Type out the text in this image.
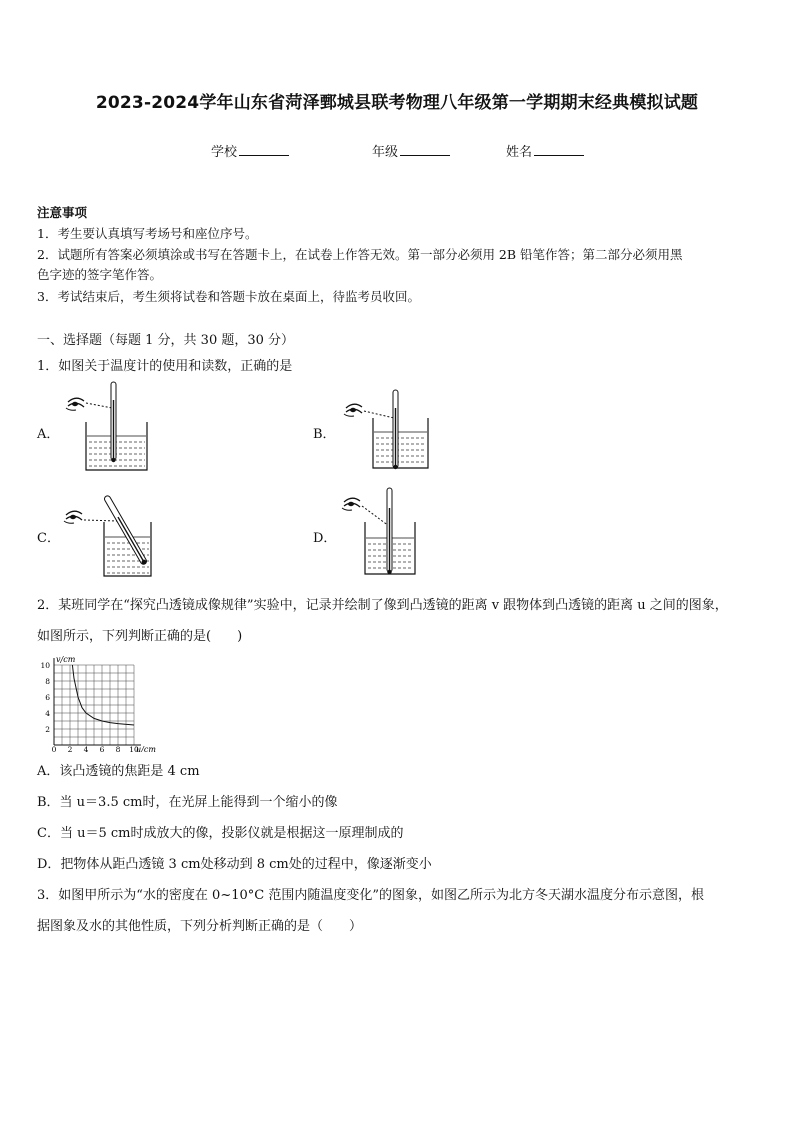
2023-2024学年山东省菏泽鄄城县联考物理八年级第一学期期末经典模拟试题
学校	年级	姓名
注意事项
1．考生要认真填写考场号和座位序号。
2．试题所有答案必须填涂或书写在答题卡上，在试卷上作答无效。第一部分必须用 2B 铅笔作答；第二部分必须用黑
色字迹的签字笔作答。
3．考试结束后，考生须将试卷和答题卡放在桌面上，待监考员收回。
一、选择题（每题 1 分，共 30 题，30 分）
1．如图关于温度计的使用和读数，正确的是
A．	B．
C．	D．
2．某班同学在“探究凸透镜成像规律”实验中，记录并绘制了像到凸透镜的距离 v 跟物体到凸透镜的距离 u 之间的图象，
如图所示，下列判断正确的是(　　)
0 2 4 6 8 10
2
4
6
8
10
v/cm
u/cm
A．该凸透镜的焦距是 4 cm
B．当 u＝3.5 cm时，在光屏上能得到一个缩小的像
C．当 u＝5 cm时成放大的像，投影仪就是根据这一原理制成的
D．把物体从距凸透镜 3 cm处移动到 8 cm处的过程中，像逐渐变小
3．如图甲所示为“水的密度在 0~10°C 范围内随温度变化”的图象，如图乙所示为北方冬天湖水温度分布示意图，根
据图象及水的其他性质，下列分析判断正确的是（　　）
